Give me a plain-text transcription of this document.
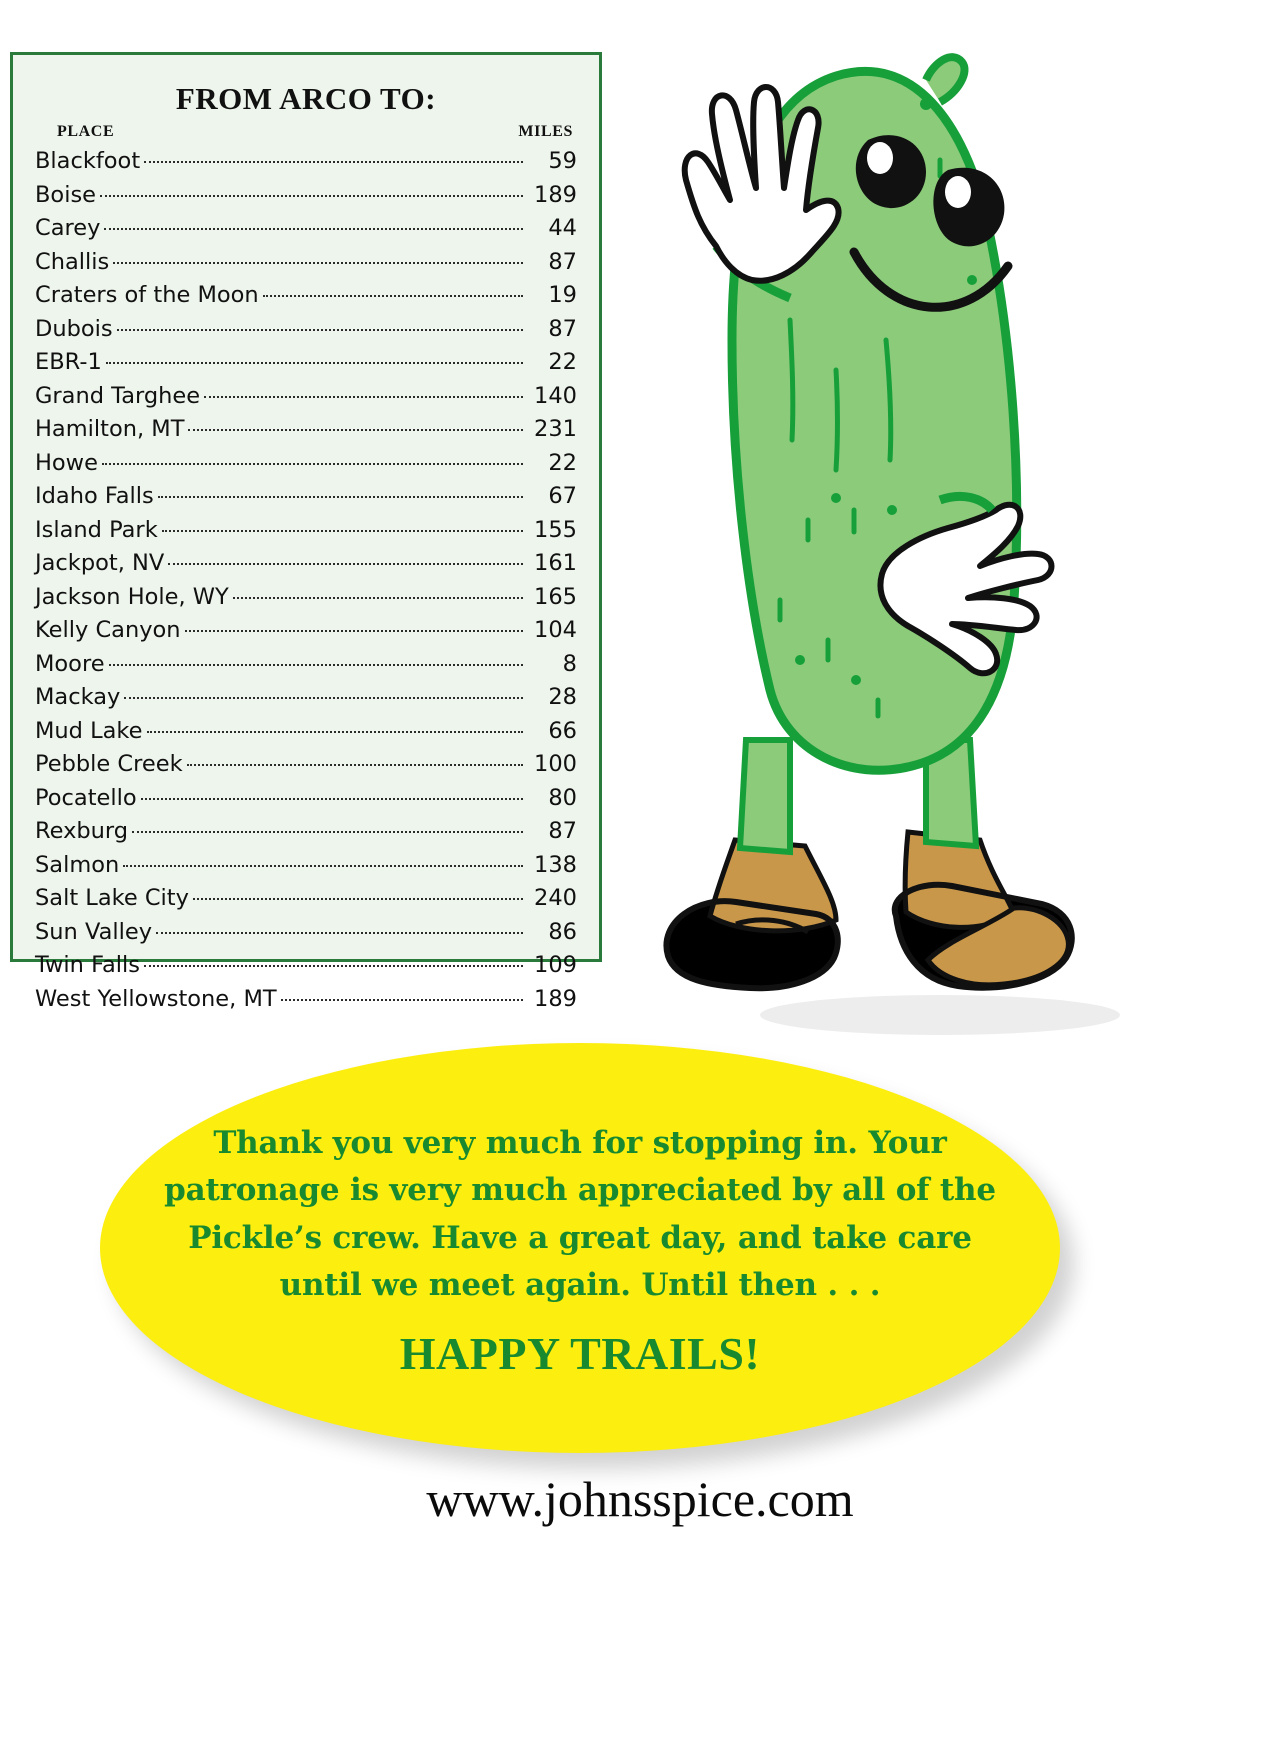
FROM ARCO TO:
PLACE	MILES
Blackfoot	59
Boise	189
Carey	44
Challis	87
Craters of the Moon	19
Dubois	87
EBR-1	22
Grand Targhee	140
Hamilton, MT	231
Howe	22
Idaho Falls	67
Island Park	155
Jackpot, NV	161
Jackson Hole, WY	165
Kelly Canyon	104
Moore	8
Mackay	28
Mud Lake	66
Pebble Creek	100
Pocatello	80
Rexburg	87
Salmon	138
Salt Lake City	240
Sun Valley	86
Twin Falls	109
West Yellowstone, MT	189
Thank you very much for stopping in. Your patronage is very much appreciated by all of the Pickle’s crew. Have a great day, and take care until we meet again. Until then . . .
HAPPY TRAILS!
www.johnsspice.com
